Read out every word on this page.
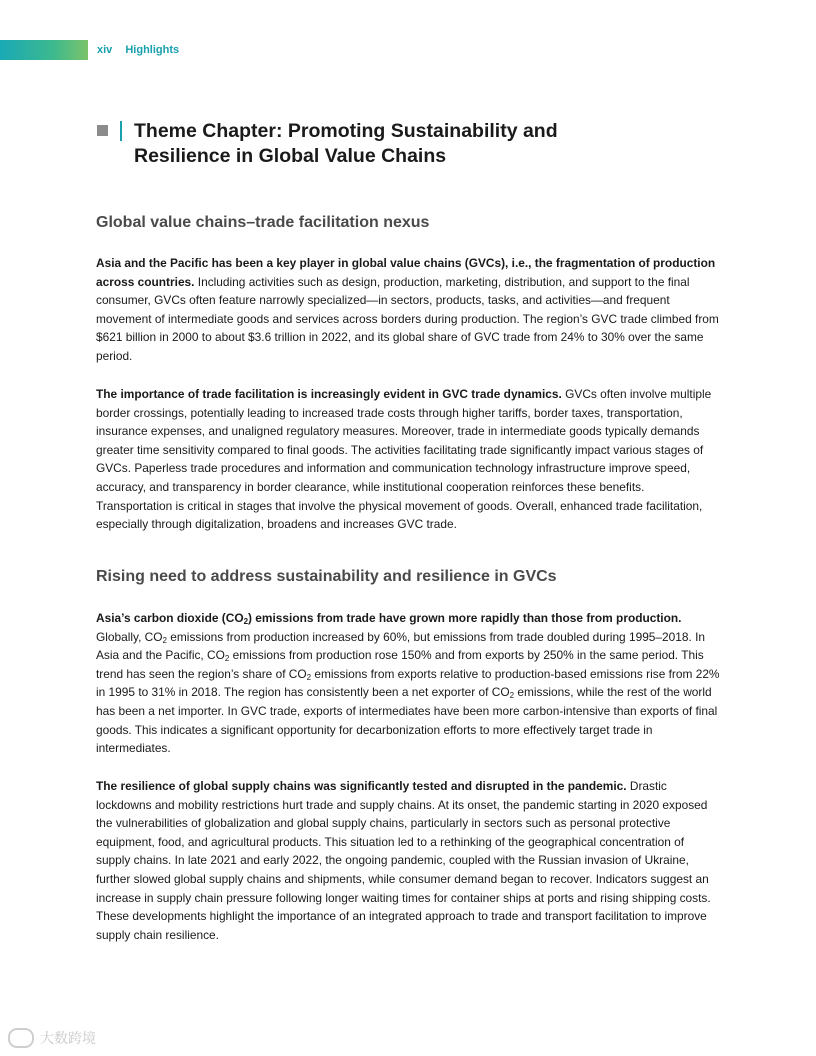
xiv Highlights
Theme Chapter: Promoting Sustainability and Resilience in Global Value Chains
Global value chains–trade facilitation nexus
Asia and the Pacific has been a key player in global value chains (GVCs), i.e., the fragmentation of production across countries. Including activities such as design, production, marketing, distribution, and support to the final consumer, GVCs often feature narrowly specialized—in sectors, products, tasks, and activities—and frequent movement of intermediate goods and services across borders during production. The region’s GVC trade climbed from $621 billion in 2000 to about $3.6 trillion in 2022, and its global share of GVC trade from 24% to 30% over the same period.
The importance of trade facilitation is increasingly evident in GVC trade dynamics. GVCs often involve multiple border crossings, potentially leading to increased trade costs through higher tariffs, border taxes, transportation, insurance expenses, and unaligned regulatory measures. Moreover, trade in intermediate goods typically demands greater time sensitivity compared to final goods. The activities facilitating trade significantly impact various stages of GVCs. Paperless trade procedures and information and communication technology infrastructure improve speed, accuracy, and transparency in border clearance, while institutional cooperation reinforces these benefits. Transportation is critical in stages that involve the physical movement of goods. Overall, enhanced trade facilitation, especially through digitalization, broadens and increases GVC trade.
Rising need to address sustainability and resilience in GVCs
Asia’s carbon dioxide $(CO_2)$ emissions from trade have grown more rapidly than those from production. Globally, $CO_2$ emissions from production increased by 60%, but emissions from trade doubled during 1995–2018. In Asia and the Pacific, $CO_2$ emissions from production rose 150% and from exports by 250% in the same period. This trend has seen the region’s share of $CO_2$ emissions from exports relative to production-based emissions rise from 22% in 1995 to 31% in 2018. The region has consistently been a net exporter of $CO_2$ emissions, while the rest of the world has been a net importer. In GVC trade, exports of intermediates have been more carbon-intensive than exports of final goods. This indicates a significant opportunity for decarbonization efforts to more effectively target trade in intermediates.
The resilience of global supply chains was significantly tested and disrupted in the pandemic. Drastic lockdowns and mobility restrictions hurt trade and supply chains. At its onset, the pandemic starting in 2020 exposed the vulnerabilities of globalization and global supply chains, particularly in sectors such as personal protective equipment, food, and agricultural products. This situation led to a rethinking of the geographical concentration of supply chains. In late 2021 and early 2022, the ongoing pandemic, coupled with the Russian invasion of Ukraine, further slowed global supply chains and shipments, while consumer demand began to recover. Indicators suggest an increase in supply chain pressure following longer waiting times for container ships at ports and rising shipping costs. These developments highlight the importance of an integrated approach to trade and transport facilitation to improve supply chain resilience.
大数跨境
